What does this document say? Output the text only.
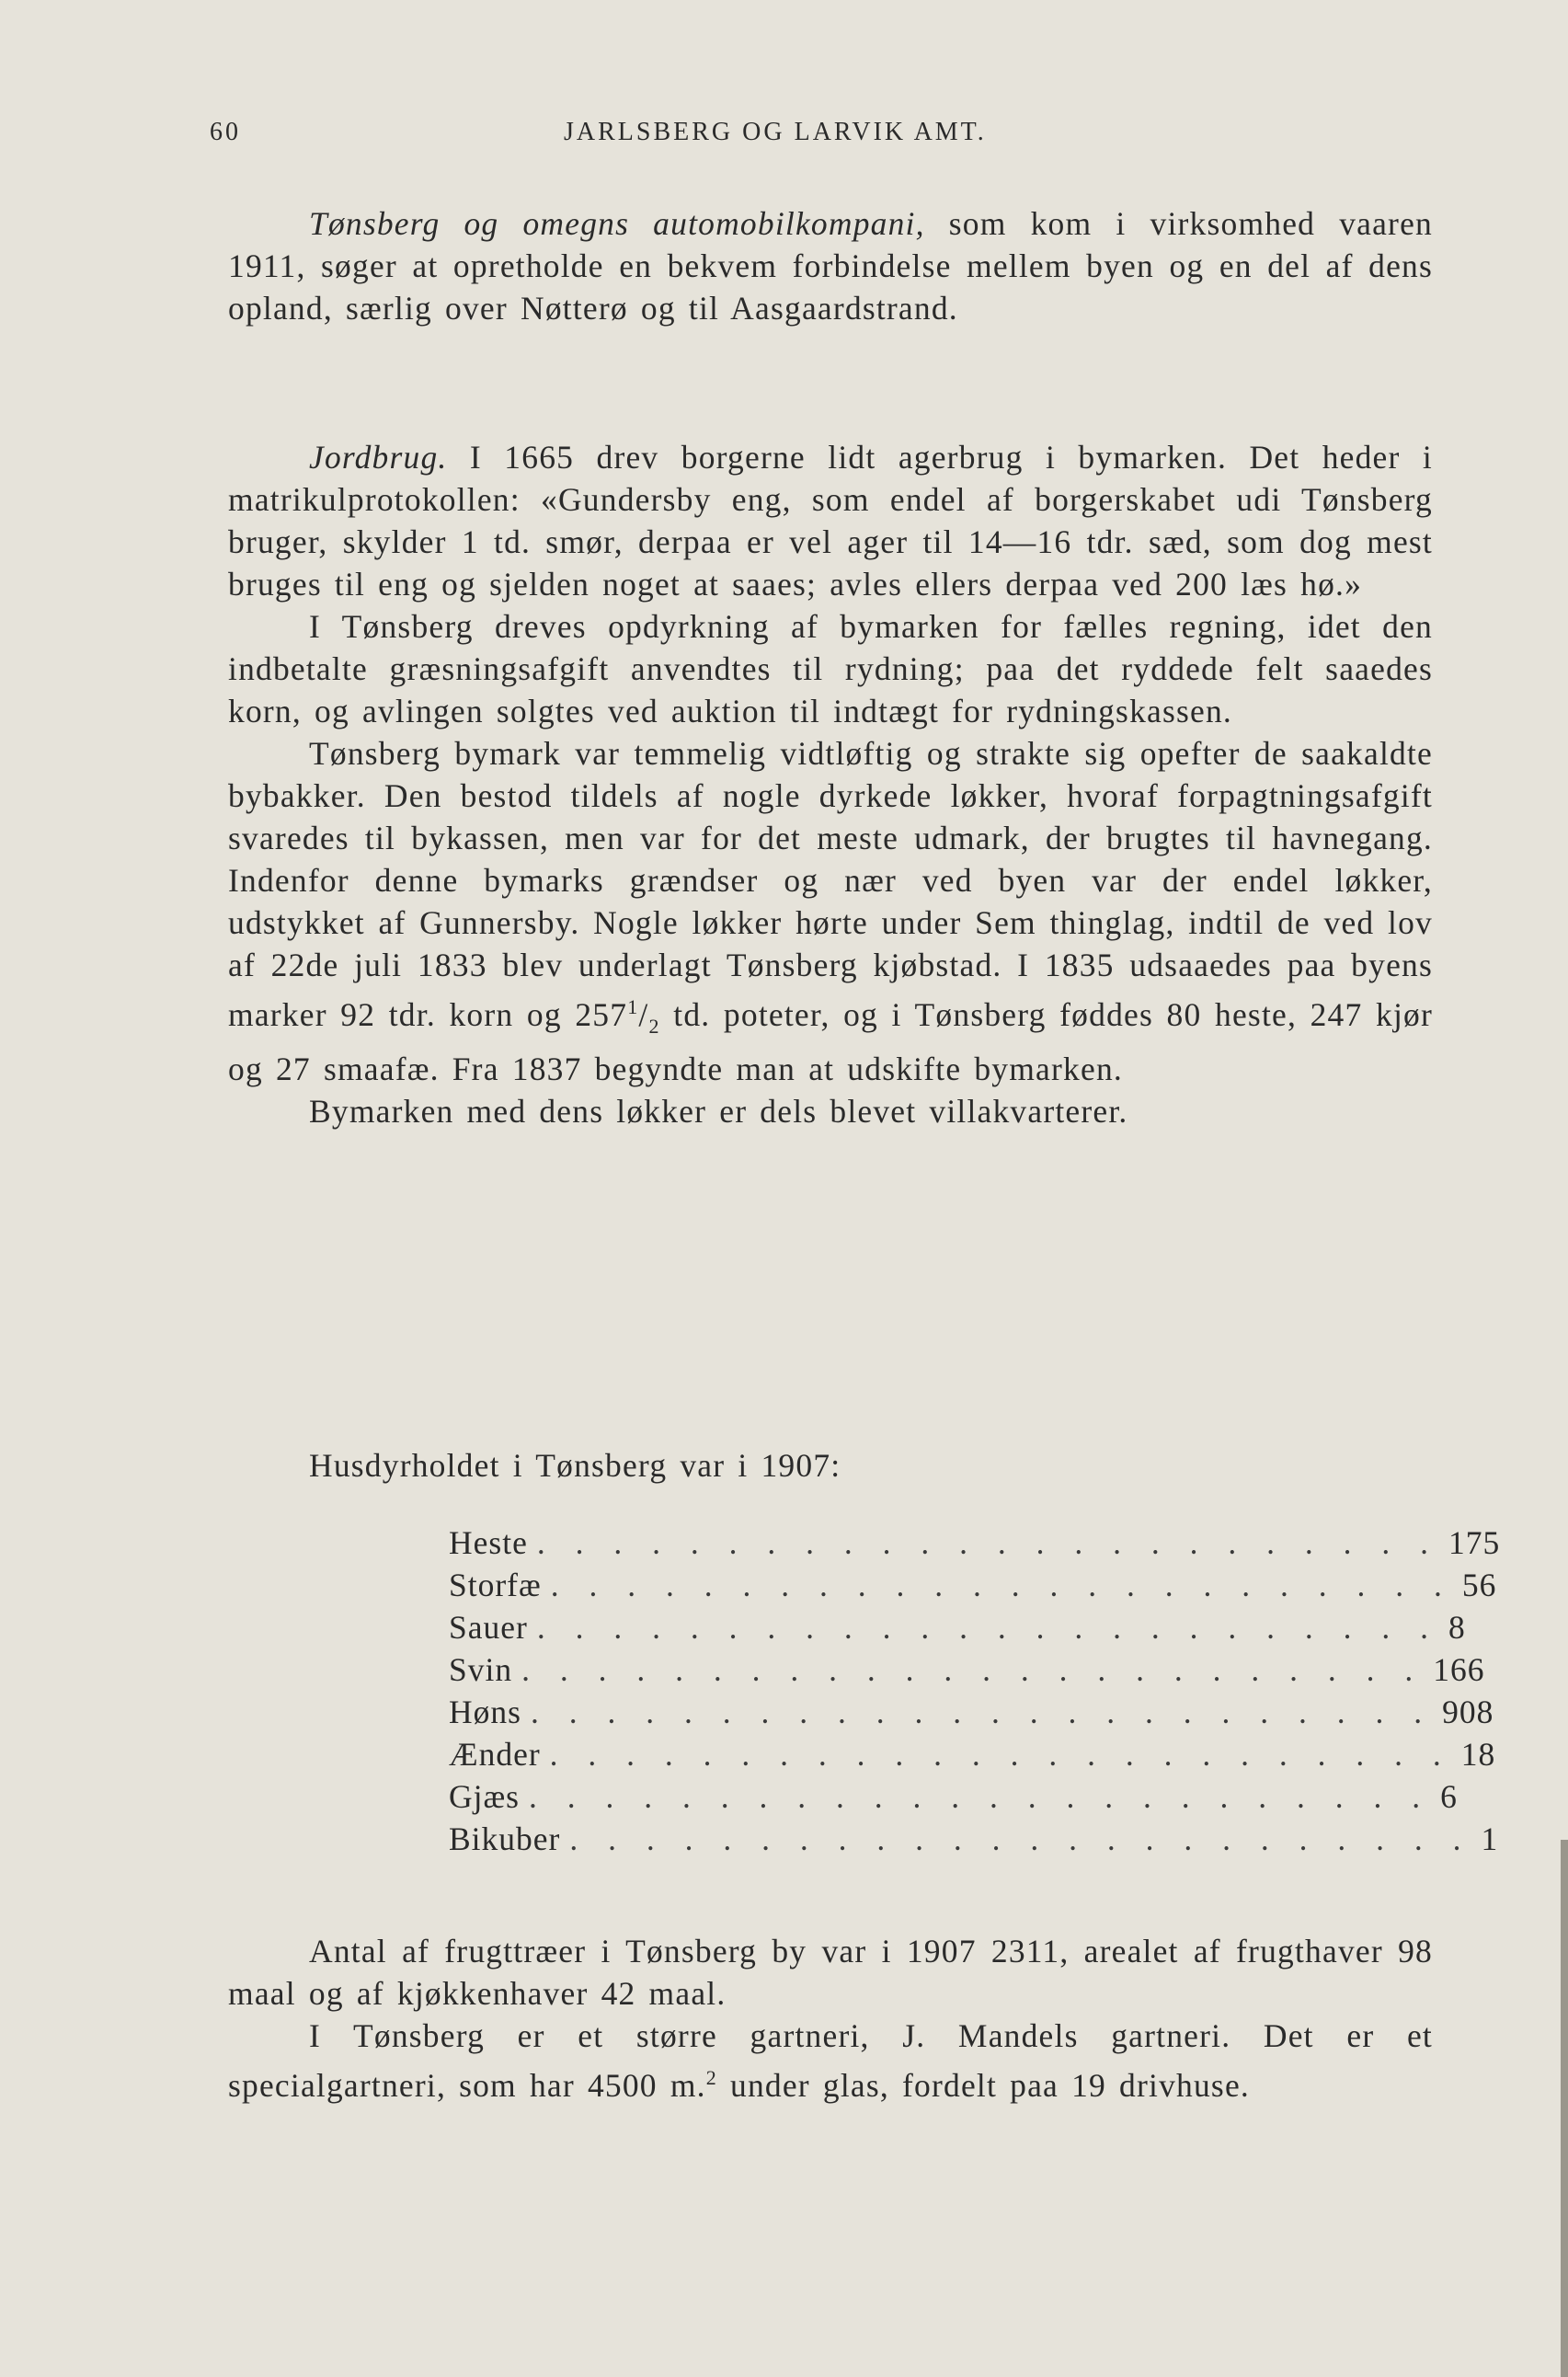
60	JARLSBERG OG LARVIK AMT.

Tønsberg og omegns automobilkompani, som kom i virksomhed vaaren 1911, søger at opretholde en bekvem forbindelse mellem byen og en del af dens opland, særlig over Nøtterø og til Aasgaardstrand.

Jordbrug. I 1665 drev borgerne lidt agerbrug i bymarken. Det heder i matrikulprotokollen: «Gundersby eng, som endel af borgerskabet udi Tønsberg bruger, skylder 1 td. smør, derpaa er vel ager til 14—16 tdr. sæd, som dog mest bruges til eng og sjelden noget at saaes; avles ellers derpaa ved 200 læs hø.»

I Tønsberg dreves opdyrkning af bymarken for fælles regning, idet den indbetalte græsningsafgift anvendtes til rydning; paa det ryddede felt saaedes korn, og avlingen solgtes ved auktion til indtægt for rydningskassen.

Tønsberg bymark var temmelig vidtløftig og strakte sig opefter de saakaldte bybakker. Den bestod tildels af nogle dyrkede løkker, hvoraf forpagtningsafgift svaredes til bykassen, men var for det meste udmark, der brugtes til havnegang. Indenfor denne bymarks grændser og nær ved byen var der endel løkker, udstykket af Gunnersby. Nogle løkker hørte under Sem thinglag, indtil de ved lov af 22de juli 1833 blev underlagt Tønsberg kjøbstad. I 1835 udsaaedes paa byens marker 92 tdr. korn og $257^1/_2$ td. poteter, og i Tønsberg føddes 80 heste, 247 kjør og 27 smaafæ. Fra 1837 begyndte man at udskifte bymarken.

Bymarken med dens løkker er dels blevet villakvarterer.

Husdyrholdet i Tønsberg var i 1907:

Heste . . . . . . . . . . . . . . . . . . . . . . . . 175
Storfæ . . . . . . . . . . . . . . . . . . . . . . . . 56
Sauer . . . . . . . . . . . . . . . . . . . . . . . . 8
Svin . . . . . . . . . . . . . . . . . . . . . . . . 166
Høns . . . . . . . . . . . . . . . . . . . . . . . . 908
Ænder . . . . . . . . . . . . . . . . . . . . . . . . 18
Gjæs . . . . . . . . . . . . . . . . . . . . . . . . 6
Bikuber . . . . . . . . . . . . . . . . . . . . . . . . 1

Antal af frugttræer i Tønsberg by var i 1907 2311, arealet af frugthaver 98 maal og af kjøkkenhaver 42 maal.

I Tønsberg er et større gartneri, J. Mandels gartneri. Det er et specialgartneri, som har 4500 m.$^2$ under glas, fordelt paa 19 drivhuse.
